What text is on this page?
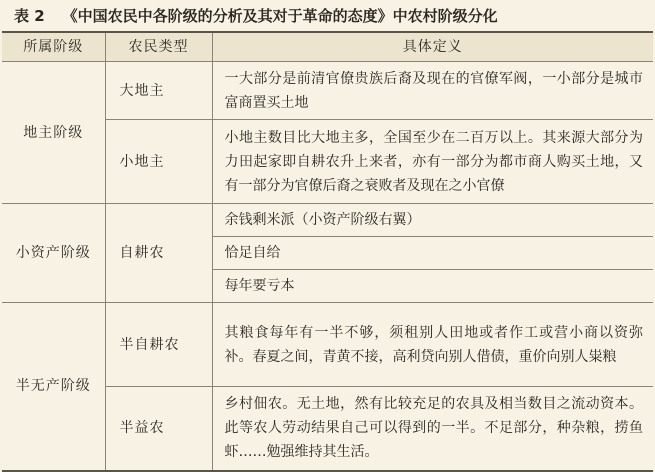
表 2 《中国农民中各阶级的分析及其对于革命的态度》中农村阶级分化
所属阶级	农民类型	具体定义
地主阶级	大地主	一大部分是前清官僚贵族后裔及现在的官僚军阀，一小部分是城市富商置买土地
	小地主	小地主数目比大地主多，全国至少在二百万以上。其来源大部分为力田起家即自耕农升上来者，亦有一部分为都市商人购买土地，又有一部分为官僚后裔之衰败者及现在之小官僚
小资产阶级	自耕农	余钱剩米派（小资产阶级右翼）
		恰足自给
		每年要亏本
半无产阶级	半自耕农	其粮食每年有一半不够，须租别人田地或者作工或营小商以资弥补。春夏之间，青黄不接，高利贷向别人借债，重价向别人粜粮
	半益农	乡村佃农。无土地，然有比较充足的农具及相当数目之流动资本。此等农人劳动结果自己可以得到的一半。不足部分，种杂粮，捞鱼虾……勉强维持其生活。
